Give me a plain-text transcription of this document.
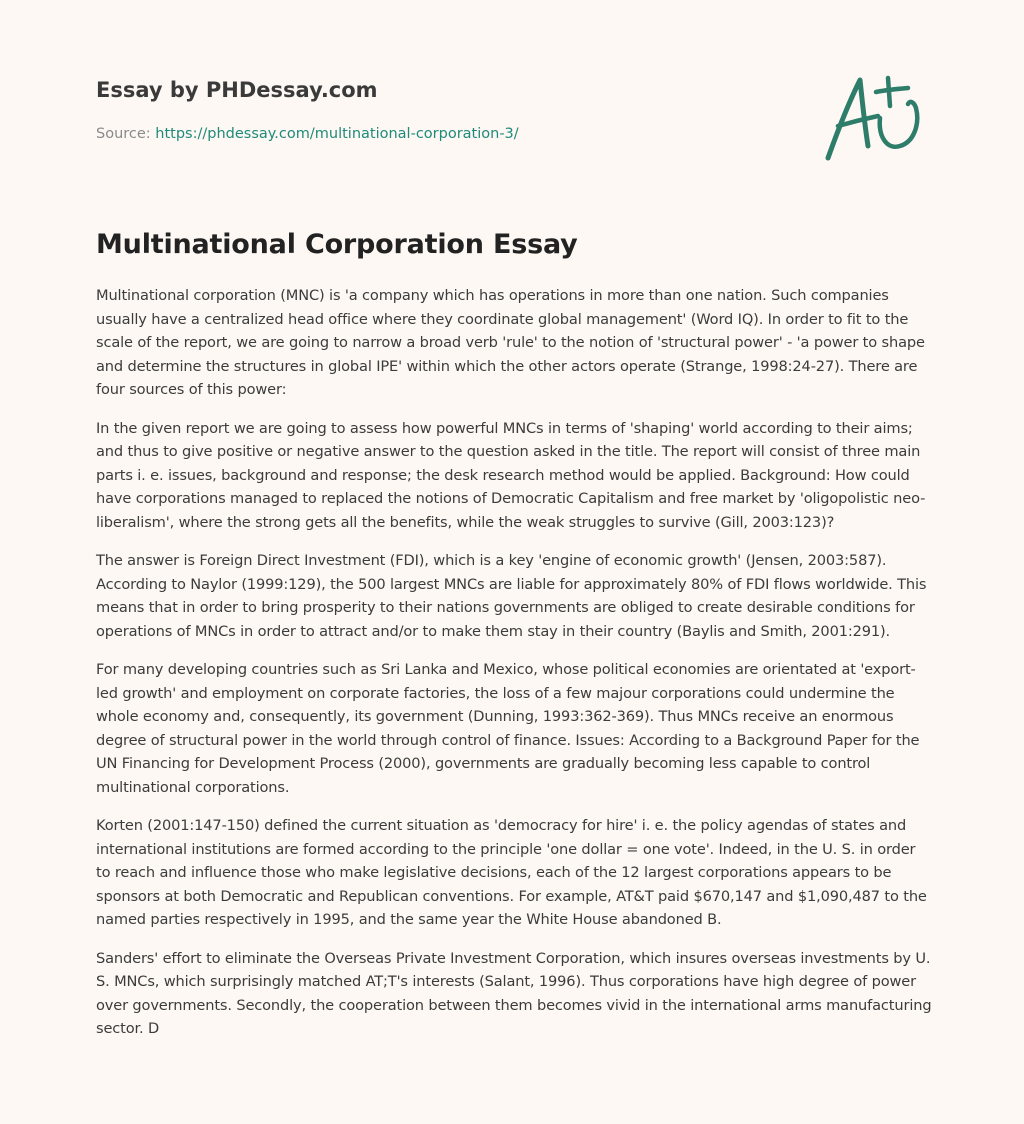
Essay by PHDessay.com
Source: https://phdessay.com/multinational-corporation-3/
Multinational Corporation Essay

Multinational corporation (MNC) is 'a company which has operations in more than one nation. Such companies usually have a centralized head office where they coordinate global management' (Word IQ). In order to fit to the scale of the report, we are going to narrow a broad verb 'rule' to the notion of 'structural power' - 'a power to shape and determine the structures in global IPE' within which the other actors operate (Strange, 1998:24-27). There are four sources of this power:

In the given report we are going to assess how powerful MNCs in terms of 'shaping' world according to their aims; and thus to give positive or negative answer to the question asked in the title. The report will consist of three main parts i. e. issues, background and response; the desk research method would be applied. Background: How could have corporations managed to replaced the notions of Democratic Capitalism and free market by 'oligopolistic neo-liberalism', where the strong gets all the benefits, while the weak struggles to survive (Gill, 2003:123)?

The answer is Foreign Direct Investment (FDI), which is a key 'engine of economic growth' (Jensen, 2003:587). According to Naylor (1999:129), the 500 largest MNCs are liable for approximately 80% of FDI flows worldwide. This means that in order to bring prosperity to their nations governments are obliged to create desirable conditions for operations of MNCs in order to attract and/or to make them stay in their country (Baylis and Smith, 2001:291).

For many developing countries such as Sri Lanka and Mexico, whose political economies are orientated at 'export-led growth' and employment on corporate factories, the loss of a few majour corporations could undermine the whole economy and, consequently, its government (Dunning, 1993:362-369). Thus MNCs receive an enormous degree of structural power in the world through control of finance. Issues: According to a Background Paper for the UN Financing for Development Process (2000), governments are gradually becoming less capable to control multinational corporations.

Korten (2001:147-150) defined the current situation as 'democracy for hire' i. e. the policy agendas of states and international institutions are formed according to the principle 'one dollar = one vote'. Indeed, in the U. S. in order to reach and influence those who make legislative decisions, each of the 12 largest corporations appears to be sponsors at both Democratic and Republican conventions. For example, AT&T paid $670,147 and $1,090,487 to the named parties respectively in 1995, and the same year the White House abandoned B.

Sanders' effort to eliminate the Overseas Private Investment Corporation, which insures overseas investments by U. S. MNCs, which surprisingly matched AT;T's interests (Salant, 1996). Thus corporations have high degree of power over governments. Secondly, the cooperation between them becomes vivid in the international arms manufacturing sector. D
